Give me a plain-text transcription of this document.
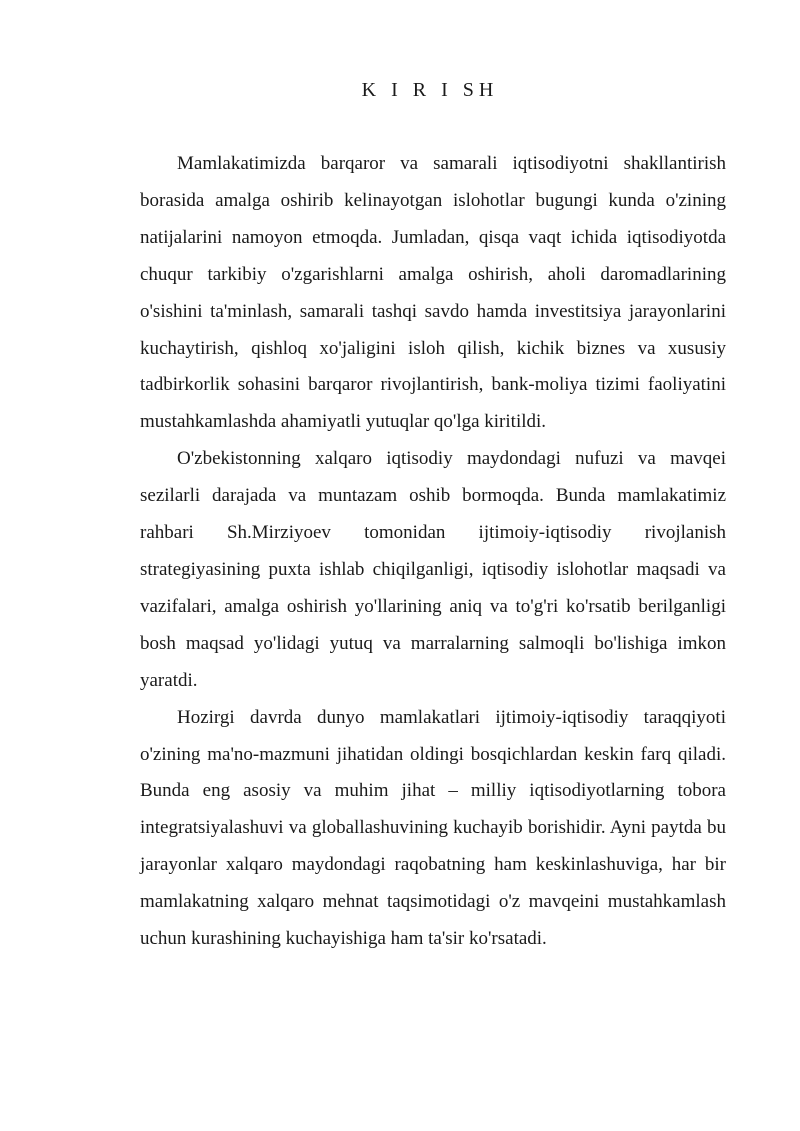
K I R I SH

Mamlakatimizda barqaror va samarali iqtisodiyotni shakllantirish borasida amalga oshirib kelinayotgan islohotlar bugungi kunda o'zining natijalarini namoyon etmoqda. Jumladan, qisqa vaqt ichida iqtisodiyotda chuqur tarkibiy o'zgarishlarni amalga oshirish, aholi daromadlarining o'sishini ta'minlash, samarali tashqi savdo hamda investitsiya jarayonlarini kuchaytirish, qishloq xo'jaligini isloh qilish, kichik biznes va xususiy tadbirkorlik sohasini barqaror rivojlantirish, bank-moliya tizimi faoliyatini mustahkamlashda ahamiyatli yutuqlar qo'lga kiritildi.

O'zbekistonning xalqaro iqtisodiy maydondagi nufuzi va mavqei sezilarli darajada va muntazam oshib bormoqda. Bunda mamlakatimiz rahbari Sh.Mirziyoev tomonidan ijtimoiy-iqtisodiy rivojlanish strategiyasining puxta ishlab chiqilganligi, iqtisodiy islohotlar maqsadi va vazifalari, amalga oshirish yo'llarining aniq va to'g'ri ko'rsatib berilganligi bosh maqsad yo'lidagi yutuq va marralarning salmoqli bo'lishiga imkon yaratdi.

Hozirgi davrda dunyo mamlakatlari ijtimoiy-iqtisodiy taraqqiyoti o'zining ma'no-mazmuni jihatidan oldingi bosqichlardan keskin farq qiladi. Bunda eng asosiy va muhim jihat – milliy iqtisodiyotlarning tobora integratsiyalashuvi va globallashuvining kuchayib borishidir. Ayni paytda bu jarayonlar xalqaro maydondagi raqobatning ham keskinlashuviga, har bir mamlakatning xalqaro mehnat taqsimotidagi o'z mavqeini mustahkamlash uchun kurashining kuchayishiga ham ta'sir ko'rsatadi.
